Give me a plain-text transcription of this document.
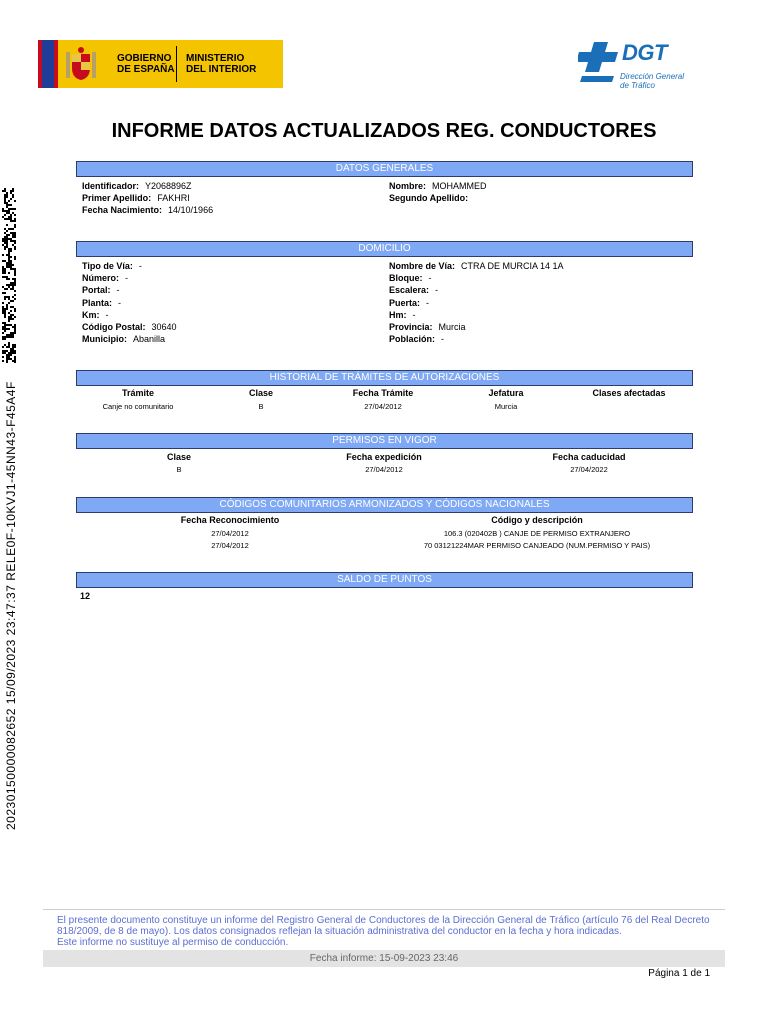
GOBIERNO
DE ESPAÑA
MINISTERIO
DEL INTERIOR
DGT
Dirección General
de Tráfico
INFORME DATOS ACTUALIZADOS REG. CONDUCTORES
DATOS GENERALES
Identificador: Y2068896Z
Primer Apellido: FAKHRI
Fecha Nacimiento: 14/10/1966
Nombre: MOHAMMED
Segundo Apellido:
DOMICILIO
HISTORIAL DE TRÁMITES DE AUTORIZACIONES
PERMISOS EN VIGOR
CÓDIGOS COMUNITARIOS ARMONIZADOS Y CÓDIGOS NACIONALES
SALDO DE PUNTOS
12
20230150000082652 15/09/2023 23:47:37 RELE0F-10KVJ1-45NN43-F45A4F
El presente documento constituye un informe del Registro General de Conductores de la Dirección General de Tráfico (artículo 76 del Real Decreto 818/2009, de 8 de mayo). Los datos consignados reflejan la situación administrativa del conductor en la fecha y hora indicadas.
Este informe no sustituye al permiso de conducción.
Fecha informe: 15-09-2023 23:46
Página 1 de 1
Tipo de Vía: -
Número: -
Portal: -
Planta: -
Km: -
Código Postal: 30640
Municipio: Abanilla
Nombre de Vía: CTRA DE MURCIA 14 1A
Bloque: -
Escalera: -
Puerta: -
Hm: -
Provincia: Murcia
Población: -
Trámite	Clase	Fecha Trámite	Jefatura	Clases afectadas
Canje no comunitario	B	27/04/2012	Murcia
Clase	Fecha expedición	Fecha caducidad
B	27/04/2012	27/04/2022
Fecha Reconocimiento	Código y descripción
27/04/2012	106.3 (020402B ) CANJE DE PERMISO EXTRANJERO
27/04/2012	70 03121224MAR PERMISO CANJEADO (NUM.PERMISO Y PAIS)
